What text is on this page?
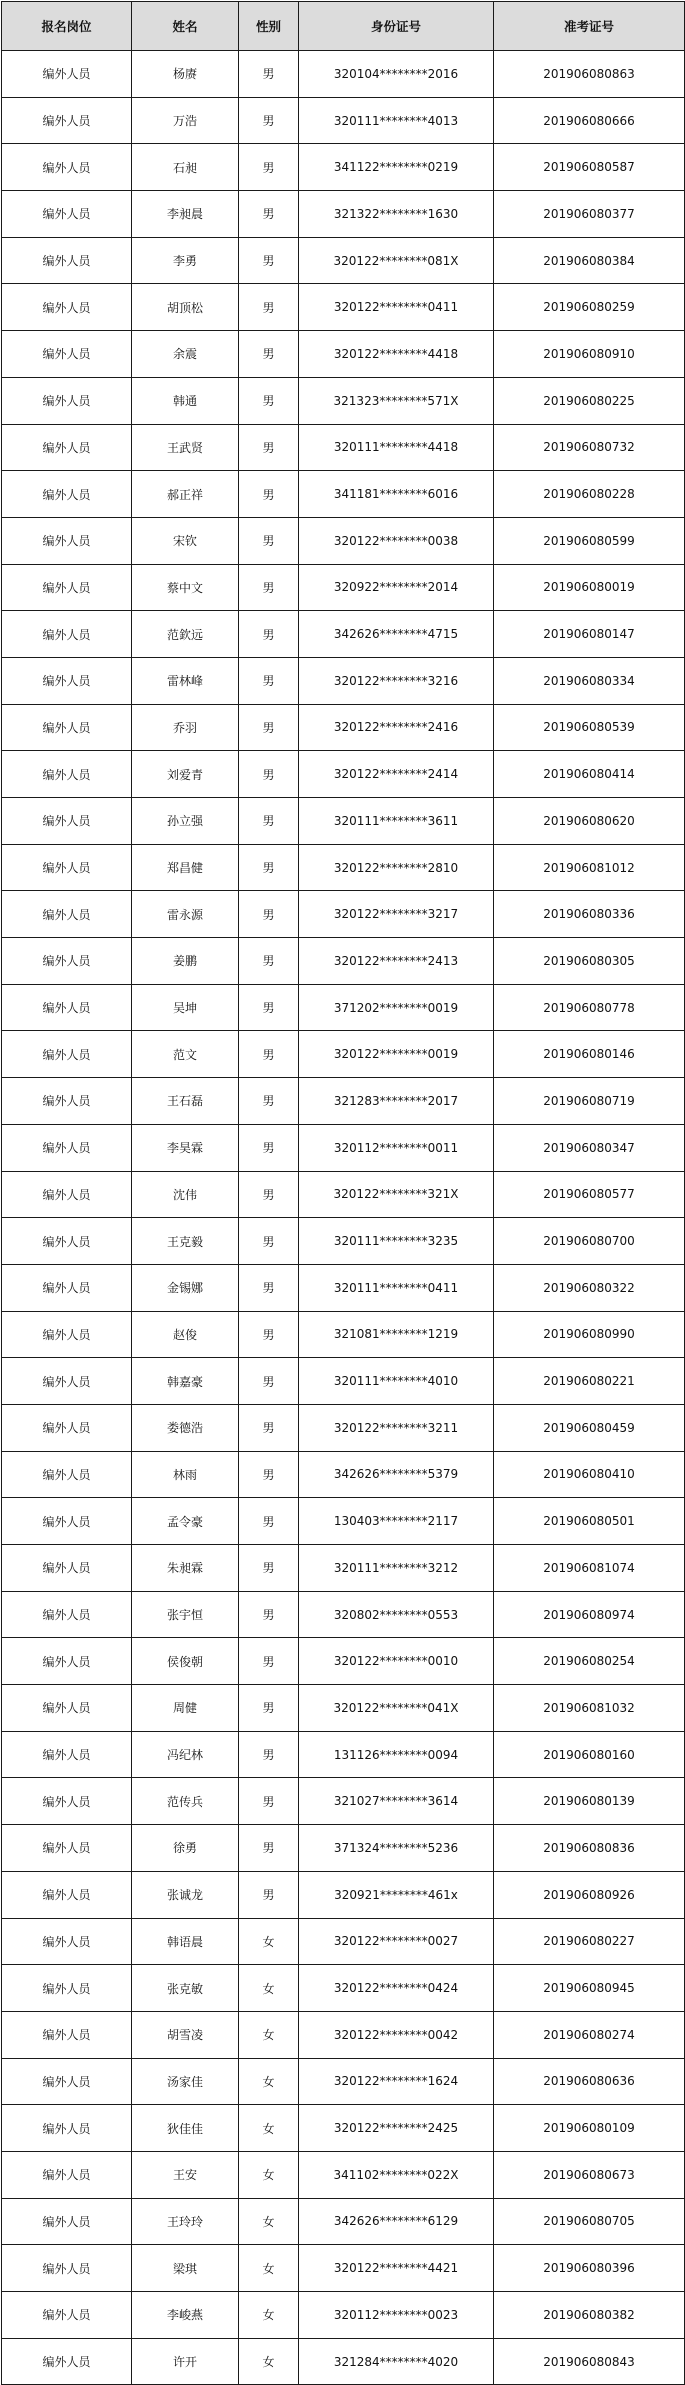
报名岗位	姓名	性别	身份证号	准考证号
编外人员	杨赓	男	320104********2016	201906080863
编外人员	万浩	男	320111********4013	201906080666
编外人员	石昶	男	341122********0219	201906080587
编外人员	李昶晨	男	321322********1630	201906080377
编外人员	李勇	男	320122********081X	201906080384
编外人员	胡顶松	男	320122********0411	201906080259
编外人员	余震	男	320122********4418	201906080910
编外人员	韩通	男	321323********571X	201906080225
编外人员	王武贤	男	320111********4418	201906080732
编外人员	郝正祥	男	341181********6016	201906080228
编外人员	宋钦	男	320122********0038	201906080599
编外人员	蔡中文	男	320922********2014	201906080019
编外人员	范欽远	男	342626********4715	201906080147
编外人员	雷林峰	男	320122********3216	201906080334
编外人员	乔羽	男	320122********2416	201906080539
编外人员	刘爱青	男	320122********2414	201906080414
编外人员	孙立强	男	320111********3611	201906080620
编外人员	郑昌健	男	320122********2810	201906081012
编外人员	雷永源	男	320122********3217	201906080336
编外人员	姜鹏	男	320122********2413	201906080305
编外人员	吴坤	男	371202********0019	201906080778
编外人员	范文	男	320122********0019	201906080146
编外人员	王石磊	男	321283********2017	201906080719
编外人员	李昊霖	男	320112********0011	201906080347
编外人员	沈伟	男	320122********321X	201906080577
编外人员	王克毅	男	320111********3235	201906080700
编外人员	金锡娜	男	320111********0411	201906080322
编外人员	赵俊	男	321081********1219	201906080990
编外人员	韩嘉豪	男	320111********4010	201906080221
编外人员	娄德浩	男	320122********3211	201906080459
编外人员	林雨	男	342626********5379	201906080410
编外人员	孟令豪	男	130403********2117	201906080501
编外人员	朱昶霖	男	320111********3212	201906081074
编外人员	张宇恒	男	320802********0553	201906080974
编外人员	侯俊朝	男	320122********0010	201906080254
编外人员	周健	男	320122********041X	201906081032
编外人员	冯纪林	男	131126********0094	201906080160
编外人员	范传兵	男	321027********3614	201906080139
编外人员	徐勇	男	371324********5236	201906080836
编外人员	张诚龙	男	320921********461x	201906080926
编外人员	韩语晨	女	320122********0027	201906080227
编外人员	张克敏	女	320122********0424	201906080945
编外人员	胡雪凌	女	320122********0042	201906080274
编外人员	汤家佳	女	320122********1624	201906080636
编外人员	狄佳佳	女	320122********2425	201906080109
编外人员	王安	女	341102********022X	201906080673
编外人员	王玲玲	女	342626********6129	201906080705
编外人员	梁琪	女	320122********4421	201906080396
编外人员	李峻燕	女	320112********0023	201906080382
编外人员	许开	女	321284********4020	201906080843
